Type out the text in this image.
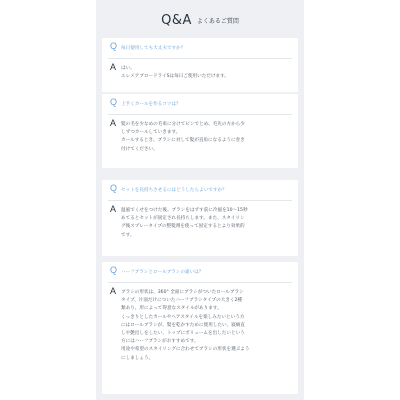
Q&A よくあるご質問
Q 毎日使用しても大丈夫ですか？
A はい。
エレメアブロードライSは毎日ご使用いただけます。
Q 上手くカールを作るコツは？
A 髪の毛を少なめの毛束に分けてピンでとめ、毛先の方から少
しずつカールしていきます。
カールするとき、ブラシに対して髪が直角になるように巻き
付けてください。
Q セットを長持ちさせるにはどうしたらよいですか？
A 温風でくせをつけた後、ブラシをはずす前に冷風を10〜15秒
あてるとセットが固定され長持ちします。また、スタイリン
グ後スプレータイプの整髪剤を使って固定するとより効果的
です。
Q ハーフブラシとロールブラシの違いは？
A ブラシの形状は、360° 全面にブラシがついたロールブラシ
タイプ、片面だけについたハーフブラシタイプの大きく2種
類あり、形によって得意なスタイルがあります。
くっきりとしたカールやヘアスタイルを楽しみたいという方
にはロールブラシが、髪を乾かすために使用したい、寝癖直
しや艶出しをしたい、トップにボリュームを出したいという
方にはハーフブラシがおすすめです。
用途や希望のスタイリングに合わせてブラシの形状を選ぶよう
にしましょう。
